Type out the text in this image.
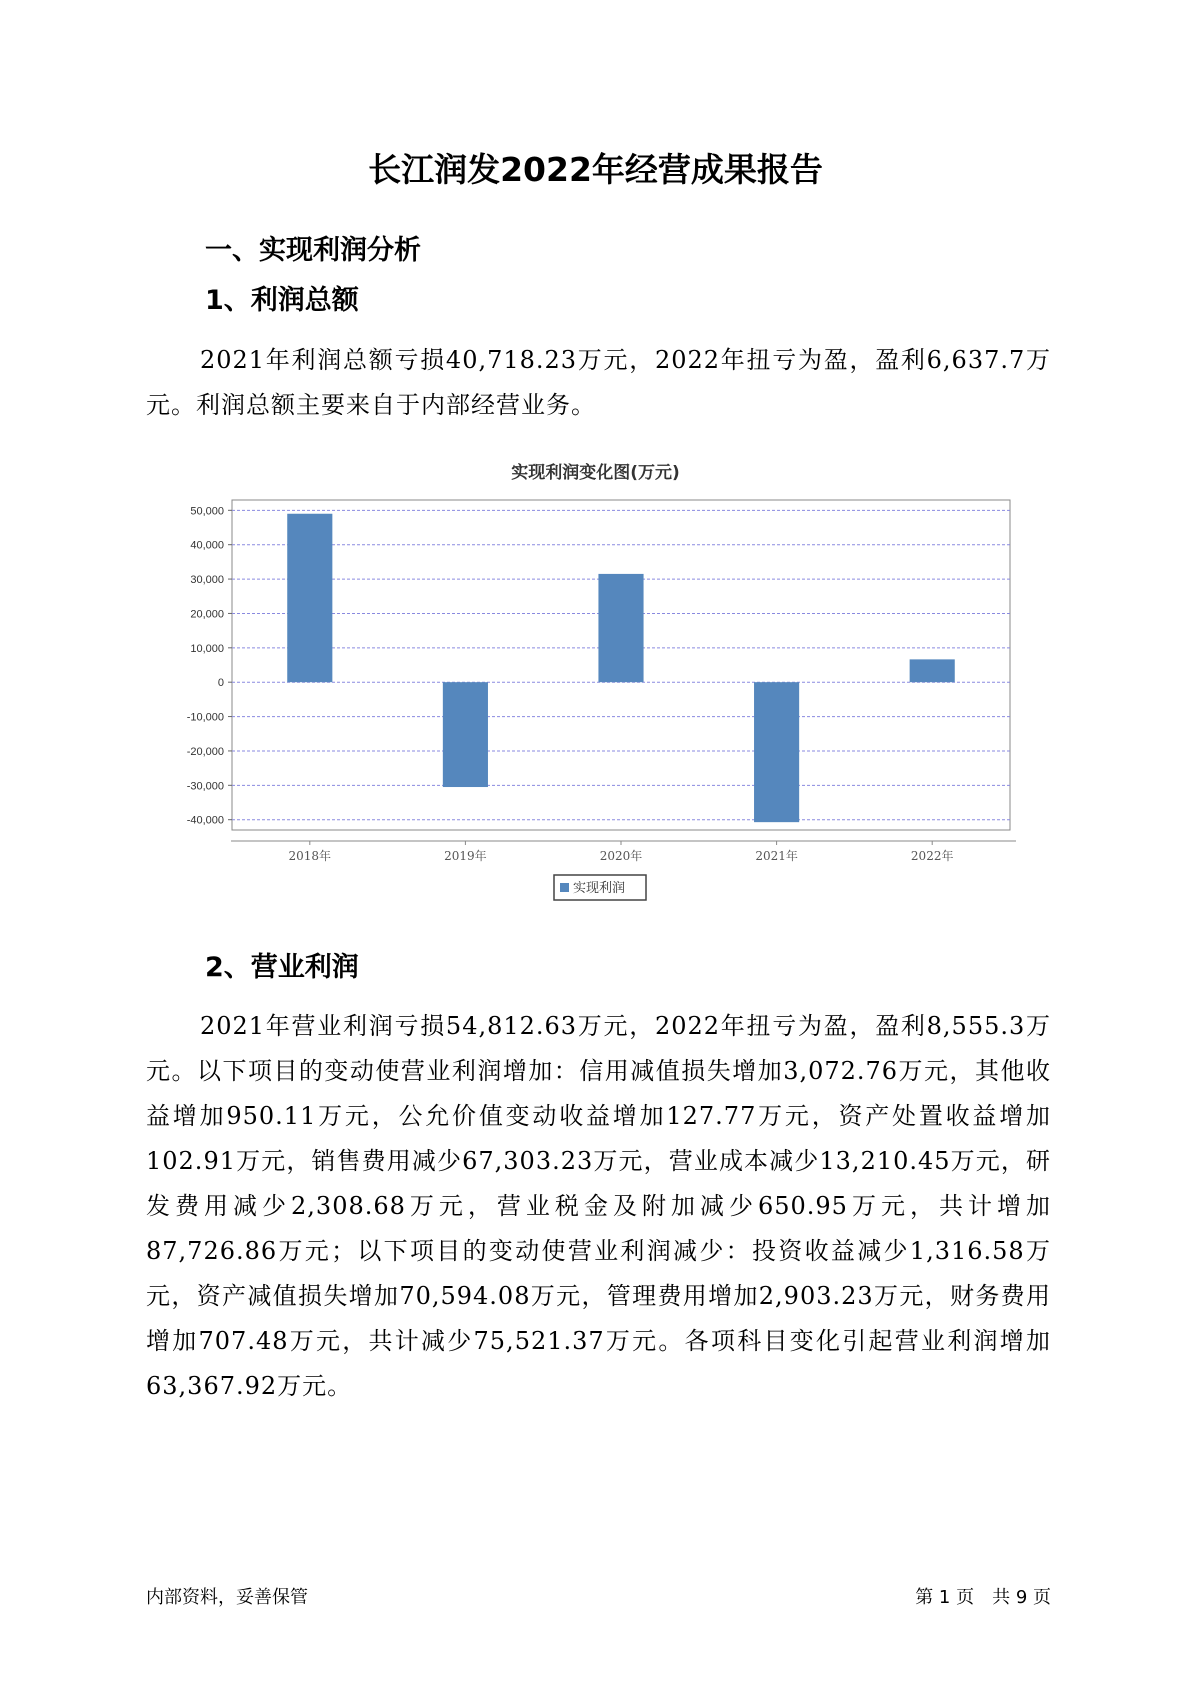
长江润发2022年经营成果报告
一、实现利润分析
1、利润总额

2021年利润总额亏损40,718.23万元，2022年扭亏为盈，盈利6,637.7万元。利润总额主要来自于内部经营业务。

实现利润变化图(万元)
50,000
40,000
30,000
20,000
10,000
0
-10,000
-20,000
-30,000
-40,000
2018年	2019年	2020年	2021年	2022年
实现利润
2、营业利润

2021年营业利润亏损54,812.63万元，2022年扭亏为盈，盈利8,555.3万元。以下项目的变动使营业利润增加：信用减值损失增加3,072.76万元，其他收益增加950.11万元，公允价值变动收益增加127.77万元，资产处置收益增加102.91万元，销售费用减少67,303.23万元，营业成本减少13,210.45万元，研发费用减少2,308.68万元，营业税金及附加减少650.95万元，共计增加87,726.86万元；以下项目的变动使营业利润减少：投资收益减少1,316.58万元，资产减值损失增加70,594.08万元，管理费用增加2,903.23万元，财务费用增加707.48万元，共计减少75,521.37万元。各项科目变化引起营业利润增加63,367.92万元。

内部资料，妥善保管	第 1 页　共 9 页
